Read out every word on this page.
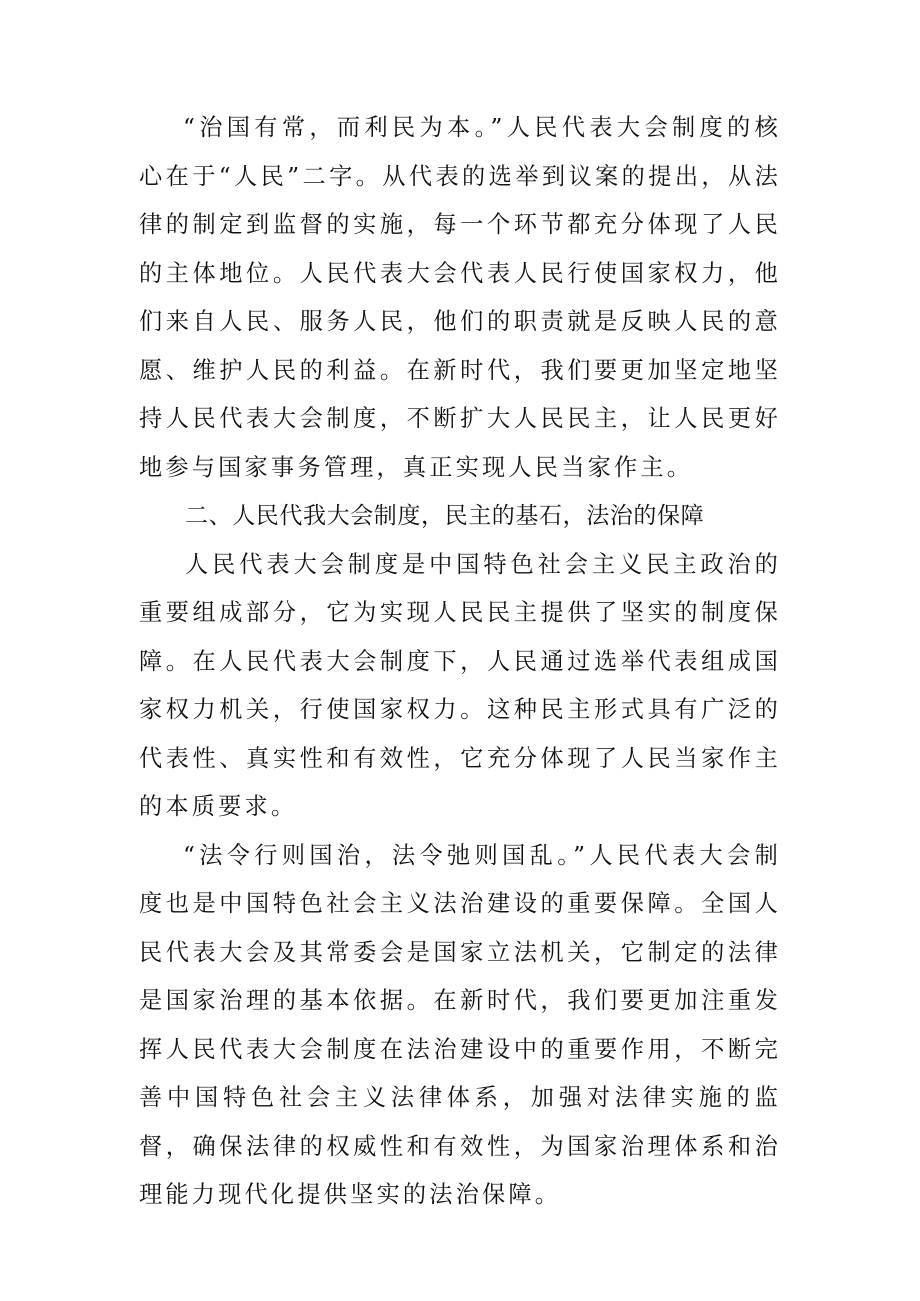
“治国有常，而利民为本。”人民代表大会制度的核心在于“人民”二字。从代表的选举到议案的提出，从法律的制定到监督的实施，每一个环节都充分体现了人民的主体地位。人民代表大会代表人民行使国家权力，他们来自人民、服务人民，他们的职责就是反映人民的意愿、维护人民的利益。在新时代，我们要更加坚定地坚持人民代表大会制度，不断扩大人民民主，让人民更好地参与国家事务管理，真正实现人民当家作主。

二、人民代我大会制度，民主的基石，法治的保障

人民代表大会制度是中国特色社会主义民主政治的重要组成部分，它为实现人民民主提供了坚实的制度保障。在人民代表大会制度下，人民通过选举代表组成国家权力机关，行使国家权力。这种民主形式具有广泛的代表性、真实性和有效性，它充分体现了人民当家作主的本质要求。

“法令行则国治，法令弛则国乱。”人民代表大会制度也是中国特色社会主义法治建设的重要保障。全国人民代表大会及其常委会是国家立法机关，它制定的法律是国家治理的基本依据。在新时代，我们要更加注重发挥人民代表大会制度在法治建设中的重要作用，不断完善中国特色社会主义法律体系，加强对法律实施的监督，确保法律的权威性和有效性，为国家治理体系和治理能力现代化提供坚实的法治保障。
